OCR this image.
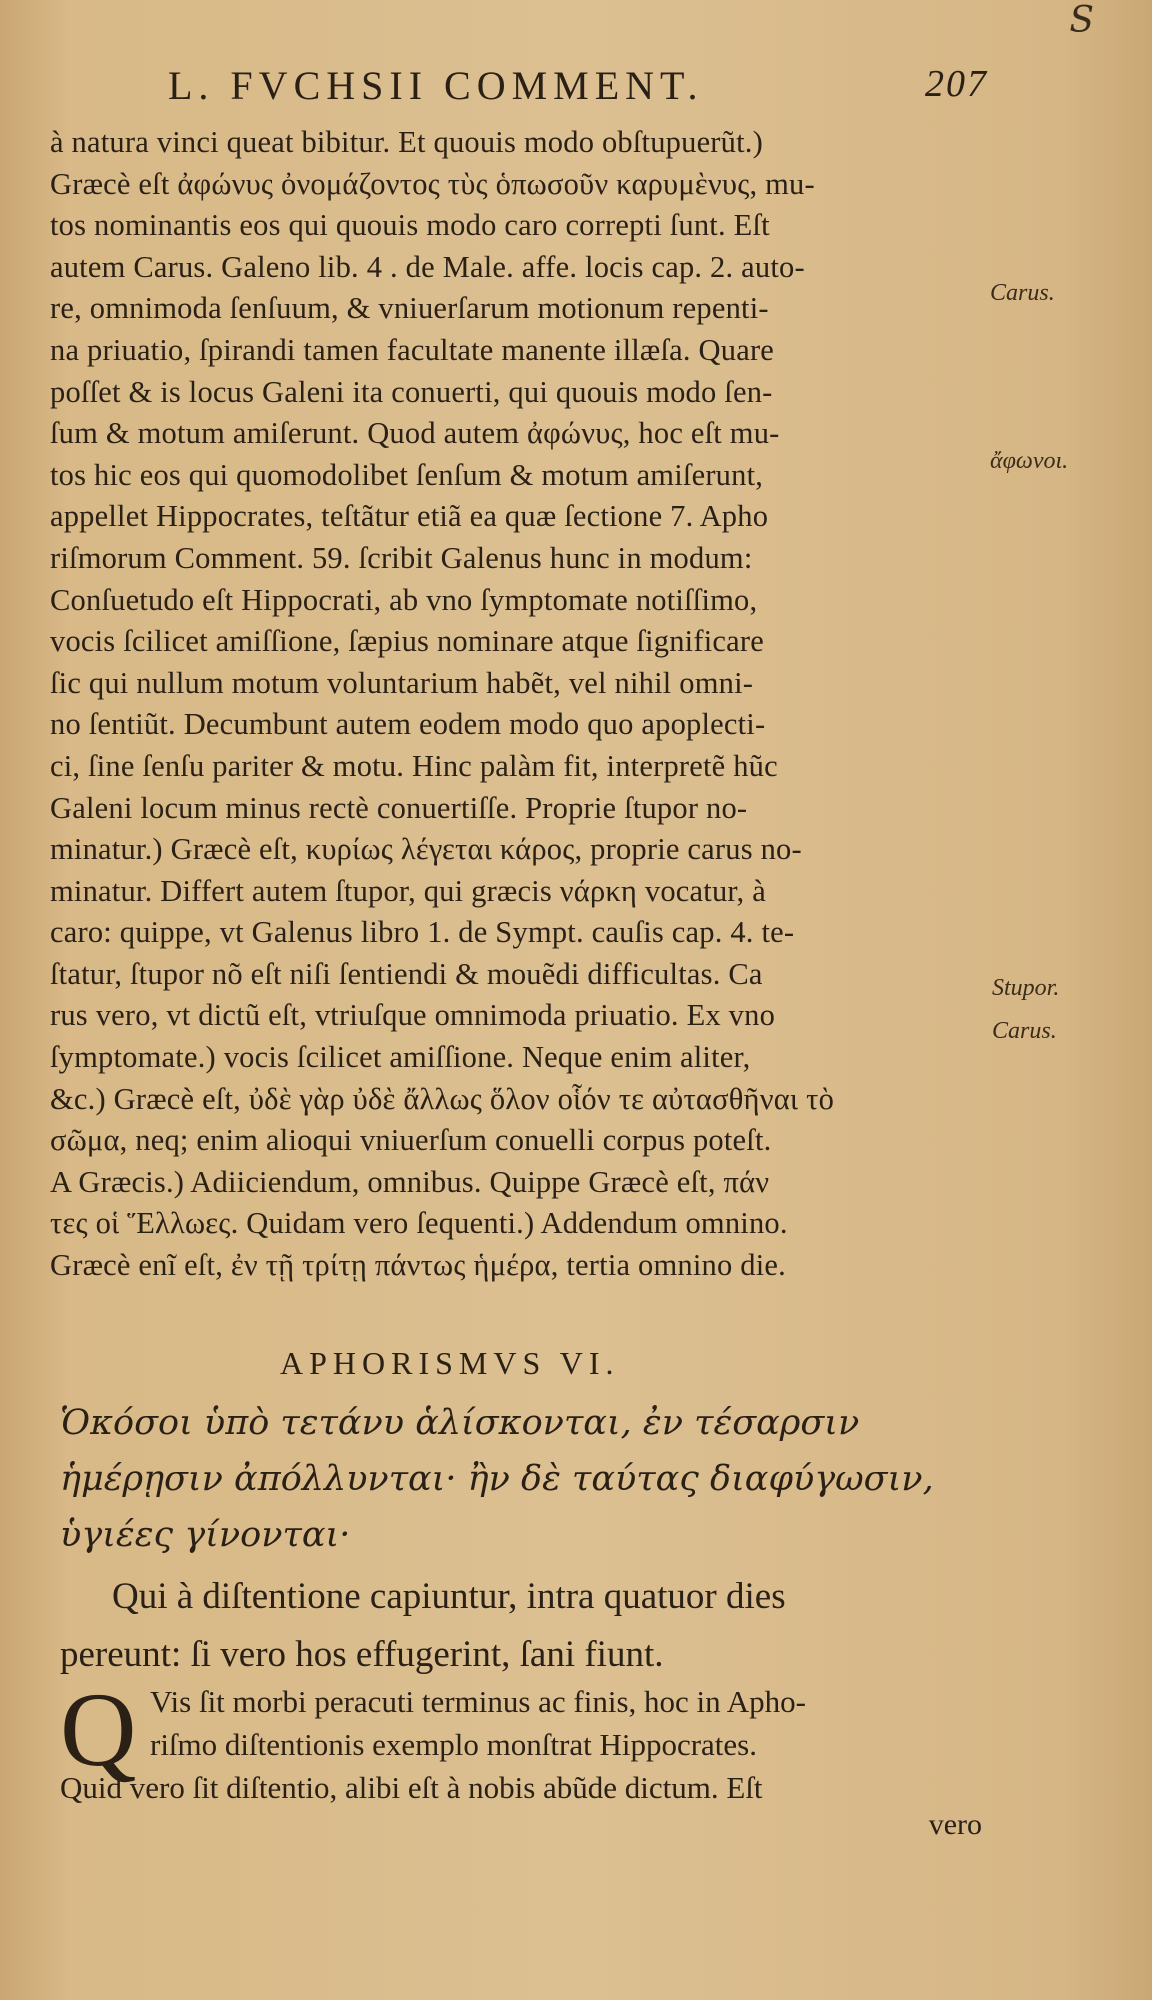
S
L. FVCHSII COMMENT.	207
à natura vinci queat bibitur. Et quouis modo obſtupuerũt.)
Græcè eſt ἀφώνυς ὀνομάζοντος τὺς ὁπωσοῦν καρυμὲνυς, mu-
tos nominantis eos qui quouis modo caro correpti ſunt. Eſt
autem Carus. Galeno lib. 4 . de Male. affe. locis cap. 2. auto-
re, omnimoda ſenſuum, & vniuerſarum motionum repenti-
na priuatio, ſpirandi tamen facultate manente illæſa. Quare
poſſet & is locus Galeni ita conuerti, qui quouis modo ſen-
ſum & motum amiſerunt. Quod autem ἀφώνυς, hoc eſt mu-
tos hic eos qui quomodolibet ſenſum & motum amiſerunt,
appellet Hippocrates, teſtãtur etiã ea quæ ſectione 7. Apho
riſmorum Comment. 59. ſcribit Galenus hunc in modum:
Conſuetudo eſt Hippocrati, ab vno ſymptomate notiſſimo,
vocis ſcilicet amiſſione, ſæpius nominare atque ſignificare
ſic qui nullum motum voluntarium habẽt, vel nihil omni-
no ſentiũt. Decumbunt autem eodem modo quo apoplecti-
ci, ſine ſenſu pariter & motu. Hinc palàm fit, interpretẽ hũc
Galeni locum minus rectè conuertiſſe. Proprie ſtupor no-
minatur.) Græcè eſt, κυρίως λέγεται κάρος, proprie carus no-
minatur. Differt autem ſtupor, qui græcis νάρκη vocatur, à
caro: quippe, vt Galenus libro 1. de Sympt. cauſis cap. 4. te-
ſtatur, ſtupor nõ eſt niſi ſentiendi & mouẽdi difficultas. Ca
rus vero, vt dictũ eſt, vtriuſque omnimoda priuatio. Ex vno
ſymptomate.) vocis ſcilicet amiſſione. Neque enim aliter,
&c.) Græcè eſt, ὐδὲ γὰρ ὐδὲ ἄλλως ὅλον οἷόν τε αὐτασθῆναι τὸ
σῶμα, neq; enim alioqui vniuerſum conuelli corpus poteſt.
A Græcis.) Adiiciendum, omnibus. Quippe Græcè eſt, πάν
τες οἱ Ἕλλωες. Quidam vero ſequenti.) Addendum omnino.
Græcè enĩ eſt, ἐν τῇ τρίτῃ πάντως ἡμέρα, tertia omnino die.
Carus.
ἄφωνοι.
Stupor.
Carus.
APHORISMVS VI.
Ὁκόσοι ὑπὸ τετάνυ ἁλίσκονται, ἐν τέσαρσιν
ἡμέρῃσιν ἀπόλλυνται· ἢν δὲ ταύτας διαφύγωσιν,
ὑγιέες γίνονται·
Qui à diſtentione capiuntur, intra quatuor dies
pereunt: ſi vero hos effugerint, ſani fiunt.
Q Vis ſit morbi peracuti terminus ac finis, hoc in Apho-
riſmo diſtentionis exemplo monſtrat Hippocrates.
Quid vero ſit diſtentio, alibi eſt à nobis abũde dictum. Eſt
vero
